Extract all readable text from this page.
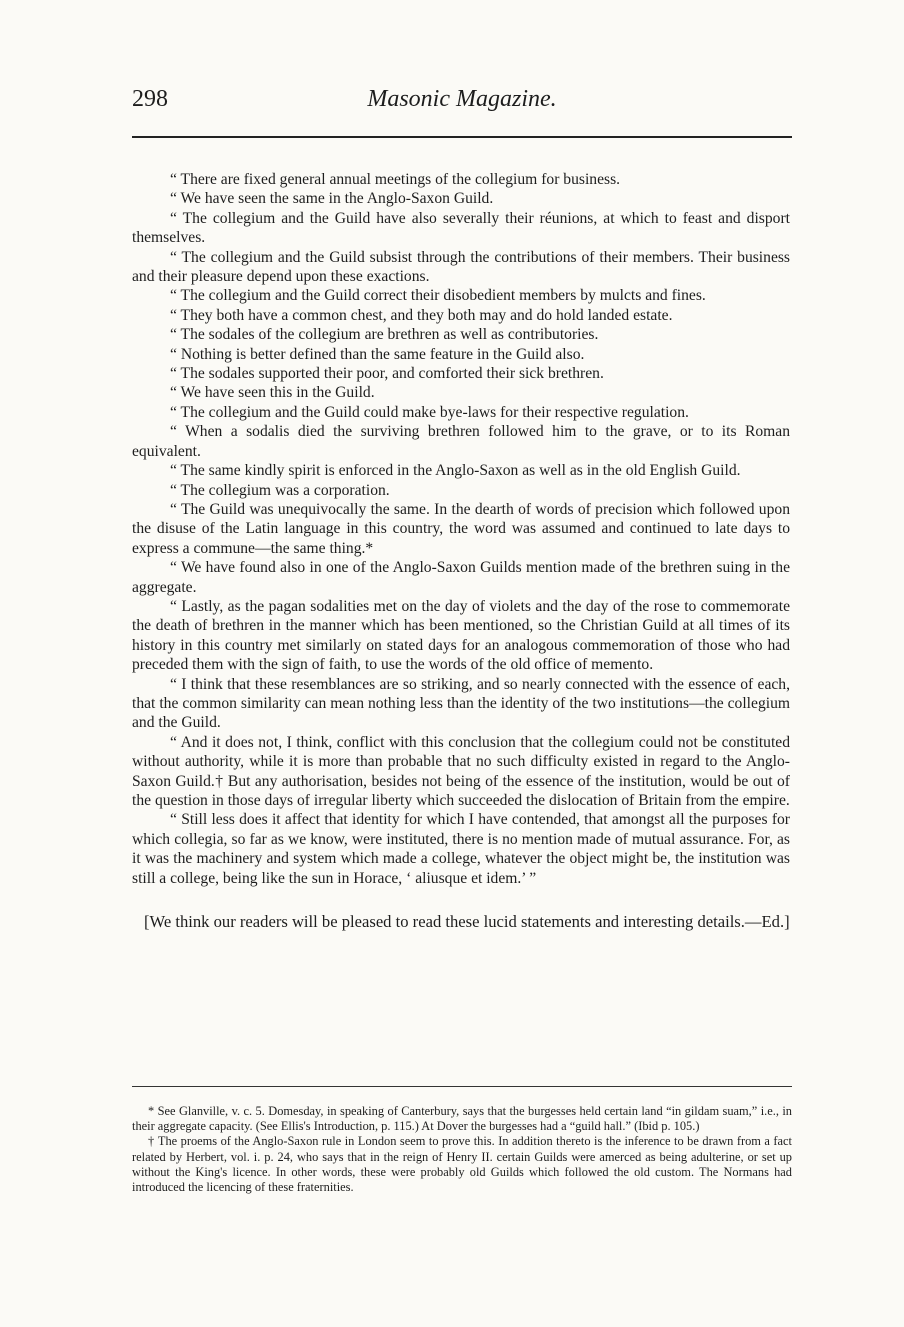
298	Masonic Magazine.

“ There are fixed general annual meetings of the collegium for business.

“ We have seen the same in the Anglo-Saxon Guild.

“ The collegium and the Guild have also severally their réunions, at which to feast and disport themselves.

“ The collegium and the Guild subsist through the contributions of their members. Their business and their pleasure depend upon these exactions.

“ The collegium and the Guild correct their disobedient members by mulcts and fines.

“ They both have a common chest, and they both may and do hold landed estate.

“ The sodales of the collegium are brethren as well as contributories.

“ Nothing is better defined than the same feature in the Guild also.

“ The sodales supported their poor, and comforted their sick brethren.

“ We have seen this in the Guild.

“ The collegium and the Guild could make bye-laws for their respective regulation.

“ When a sodalis died the surviving brethren followed him to the grave, or to its Roman equivalent.

“ The same kindly spirit is enforced in the Anglo-Saxon as well as in the old English Guild.

“ The collegium was a corporation.

“ The Guild was unequivocally the same. In the dearth of words of precision which followed upon the disuse of the Latin language in this country, the word was assumed and continued to late days to express a commune—the same thing.*

“ We have found also in one of the Anglo-Saxon Guilds mention made of the brethren suing in the aggregate.

“ Lastly, as the pagan sodalities met on the day of violets and the day of the rose to commemorate the death of brethren in the manner which has been mentioned, so the Christian Guild at all times of its history in this country met similarly on stated days for an analogous commemoration of those who had preceded them with the sign of faith, to use the words of the old office of memento.

“ I think that these resemblances are so striking, and so nearly connected with the essence of each, that the common similarity can mean nothing less than the identity of the two institutions—the collegium and the Guild.

“ And it does not, I think, conflict with this conclusion that the collegium could not be constituted without authority, while it is more than probable that no such difficulty existed in regard to the Anglo-Saxon Guild.† But any authorisation, besides not being of the essence of the institution, would be out of the question in those days of irregular liberty which succeeded the dislocation of Britain from the empire.

“ Still less does it affect that identity for which I have contended, that amongst all the purposes for which collegia, so far as we know, were instituted, there is no mention made of mutual assurance. For, as it was the machinery and system which made a college, whatever the object might be, the institution was still a college, being like the sun in Horace, ‘ aliusque et idem.’ ”

[We think our readers will be pleased to read these lucid statements and interesting details.—Ed.]

* See Glanville, v. c. 5. Domesday, in speaking of Canterbury, says that the burgesses held certain land “in gildam suam,” i.e., in their aggregate capacity. (See Ellis's Introduction, p. 115.) At Dover the burgesses had a “guild hall.” (Ibid p. 105.)

† The proems of the Anglo-Saxon rule in London seem to prove this. In addition thereto is the inference to be drawn from a fact related by Herbert, vol. i. p. 24, who says that in the reign of Henry II. certain Guilds were amerced as being adulterine, or set up without the King's licence. In other words, these were probably old Guilds which followed the old custom. The Normans had introduced the licencing of these fraternities.
